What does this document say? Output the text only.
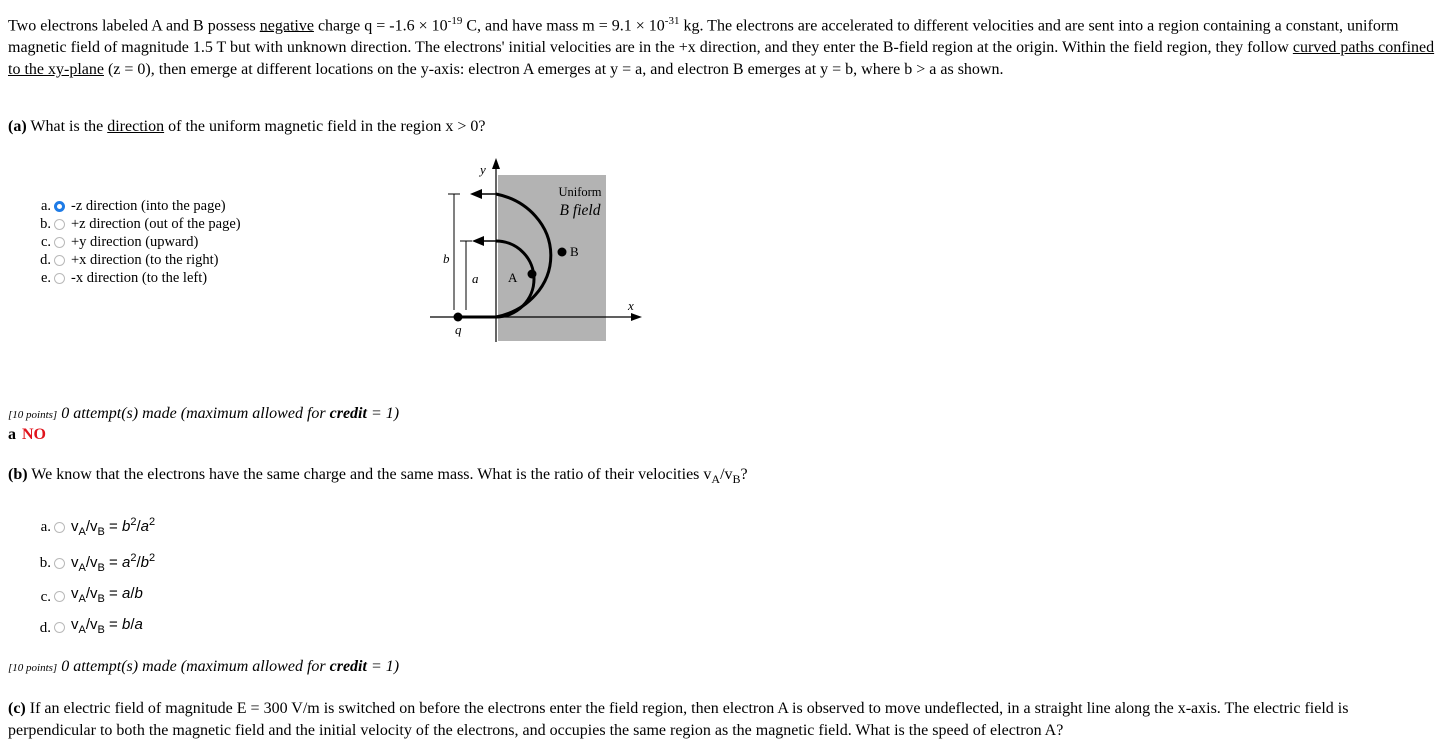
Two electrons labeled A and B possess negative charge $q = -1.6 \times 10^{-19}$ C, and have mass $m = 9.1 \times 10^{-31}$ kg. The electrons are accelerated to different velocities and are sent into a region containing a constant, uniform magnetic field of magnitude 1.5 T but with unknown direction. The electrons' initial velocities are in the +x direction, and they enter the B-field region at the origin. Within the field region, they follow curved paths confined to the xy-plane (z = 0), then emerge at different locations on the y-axis: electron A emerges at y = a, and electron B emerges at y = b, where b > a as shown.
(a) What is the direction of the uniform magnetic field in the region x > 0?
a. -z direction (into the page)
b. +z direction (out of the page)
c. +y direction (upward)
d. +x direction (to the right)
e. -x direction (to the left)
y
x
Uniform
B field
q
B
A
b
a
[10 points] 0 attempt(s) made (maximum allowed for credit = 1)
a NO
(b) We know that the electrons have the same charge and the same mass. What is the ratio of their velocities $v_A/v_B$?
a. $v_A/v_B = b^2/a^2$
b. $v_A/v_B = a^2/b^2$
c. $v_A/v_B = a/b$
d. $v_A/v_B = b/a$
[10 points] 0 attempt(s) made (maximum allowed for credit = 1)
(c) If an electric field of magnitude E = 300 V/m is switched on before the electrons enter the field region, then electron A is observed to move undeflected, in a straight line along the x-axis. The electric field is perpendicular to both the magnetic field and the initial velocity of the electrons, and occupies the same region as the magnetic field. What is the speed of electron A?
